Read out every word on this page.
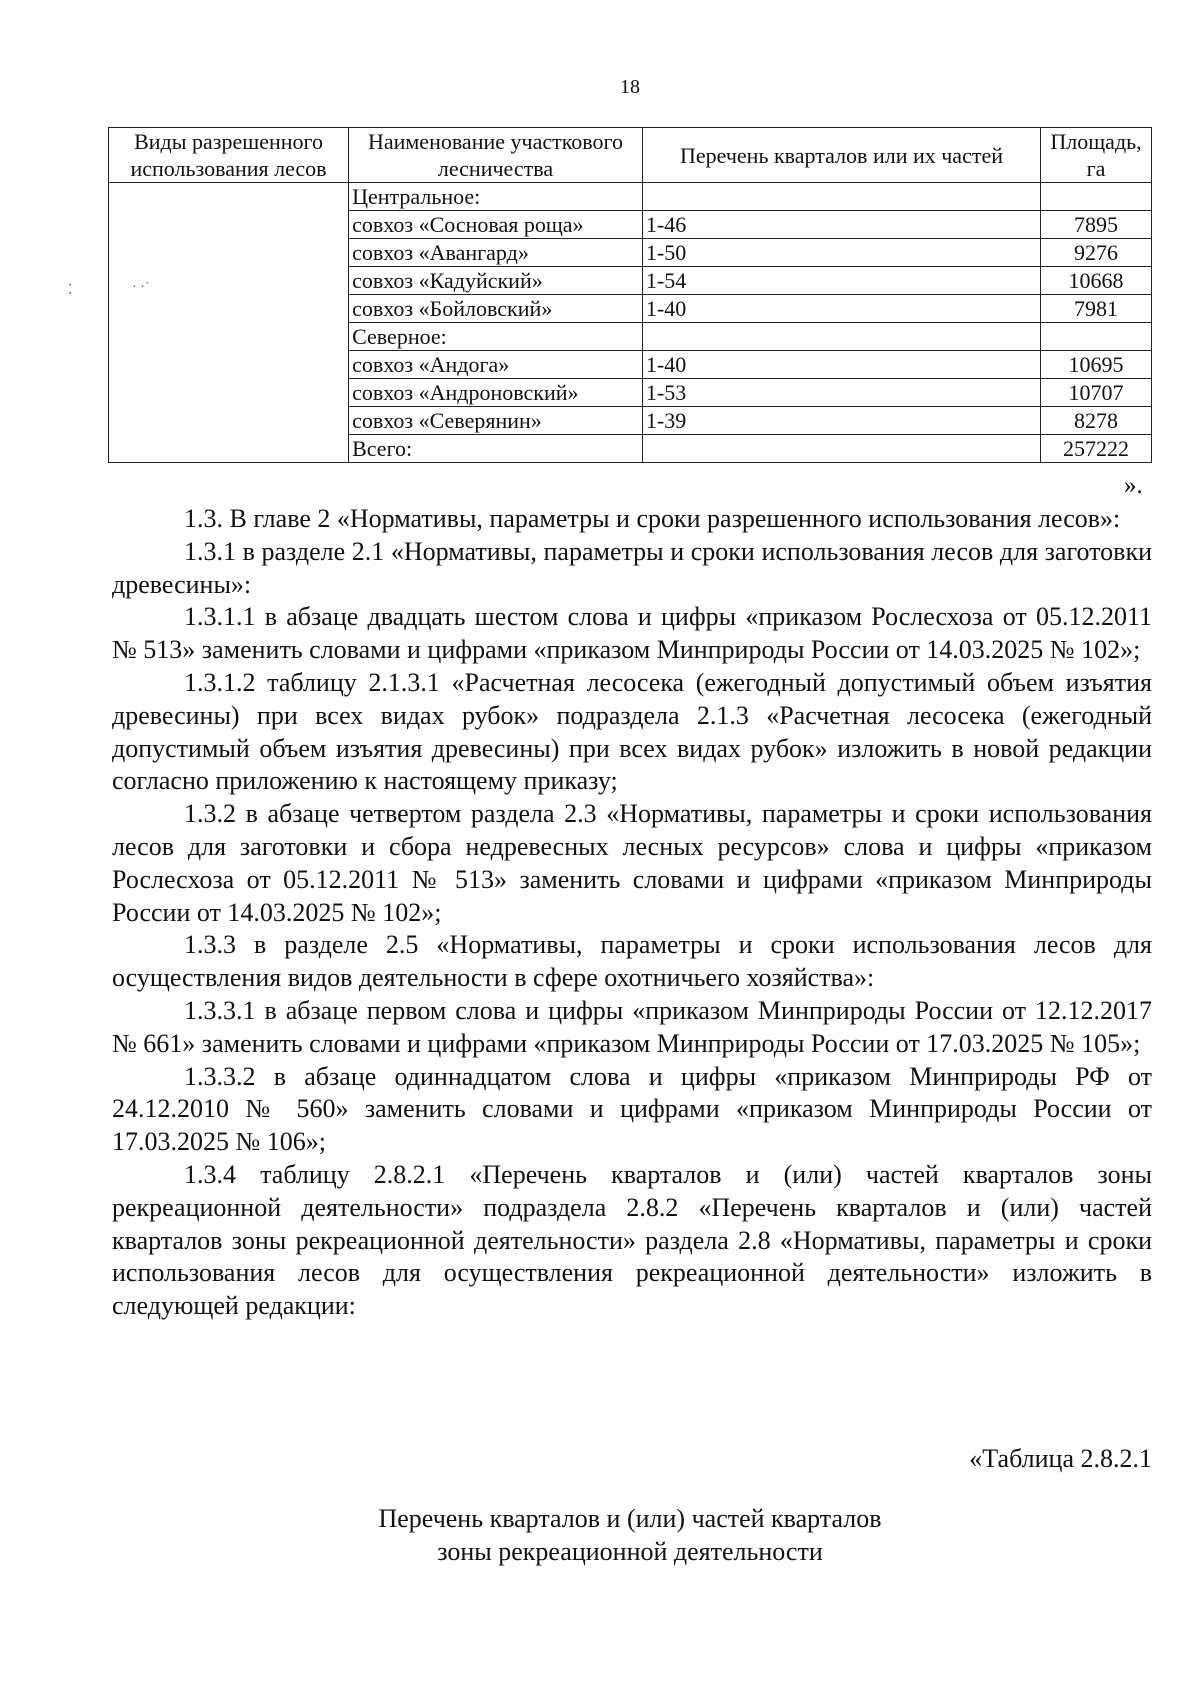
18
⁚	· ·˙
Виды разрешенного использования лесов	Наименование участкового лесничества	Перечень кварталов или их частей	Площадь, га
	Центральное:		
	совхоз «Сосновая роща»	1-46	7895
	совхоз «Авангард»	1-50	9276
	совхоз «Кадуйский»	1-54	10668
	совхоз «Бойловский»	1-40	7981
	Северное:		
	совхоз «Андога»	1-40	10695
	совхоз «Андроновский»	1-53	10707
	совхоз «Северянин»	1-39	8278
	Всего:		257222
».

1.3. В главе 2 «Нормативы, параметры и сроки разрешенного использования лесов»:

1.3.1 в разделе 2.1 «Нормативы, параметры и сроки использования лесов для заготовки древесины»:

1.3.1.1 в абзаце двадцать шестом слова и цифры «приказом Рослесхоза от 05.12.2011 № 513» заменить словами и цифрами «приказом Минприроды России от 14.03.2025 № 102»;

1.3.1.2 таблицу 2.1.3.1 «Расчетная лесосека (ежегодный допустимый объем изъятия древесины) при всех видах рубок» подраздела 2.1.3 «Расчетная лесосека (ежегодный допустимый объем изъятия древесины) при всех видах рубок» изложить в новой редакции согласно приложению к настоящему приказу;

1.3.2 в абзаце четвертом раздела 2.3 «Нормативы, параметры и сроки использования лесов для заготовки и сбора недревесных лесных ресурсов» слова и цифры «приказом Рослесхоза от 05.12.2011 № 513» заменить словами и цифрами «приказом Минприроды России от 14.03.2025 № 102»;

1.3.3 в разделе 2.5 «Нормативы, параметры и сроки использования лесов для осуществления видов деятельности в сфере охотничьего хозяйства»:

1.3.3.1 в абзаце первом слова и цифры «приказом Минприроды России от 12.12.2017 № 661» заменить словами и цифрами «приказом Минприроды России от 17.03.2025 № 105»;

1.3.3.2 в абзаце одиннадцатом слова и цифры «приказом Минприроды РФ от 24.12.2010 № 560» заменить словами и цифрами «приказом Минприроды России от 17.03.2025 № 106»;

1.3.4 таблицу 2.8.2.1 «Перечень кварталов и (или) частей кварталов зоны рекреационной деятельности» подраздела 2.8.2 «Перечень кварталов и (или) частей кварталов зоны рекреационной деятельности» раздела 2.8 «Нормативы, параметры и сроки использования лесов для осуществления рекреационной деятельности» изложить в следующей редакции:

«Таблица 2.8.2.1
Перечень кварталов и (или) частей кварталов
зоны рекреационной деятельности
